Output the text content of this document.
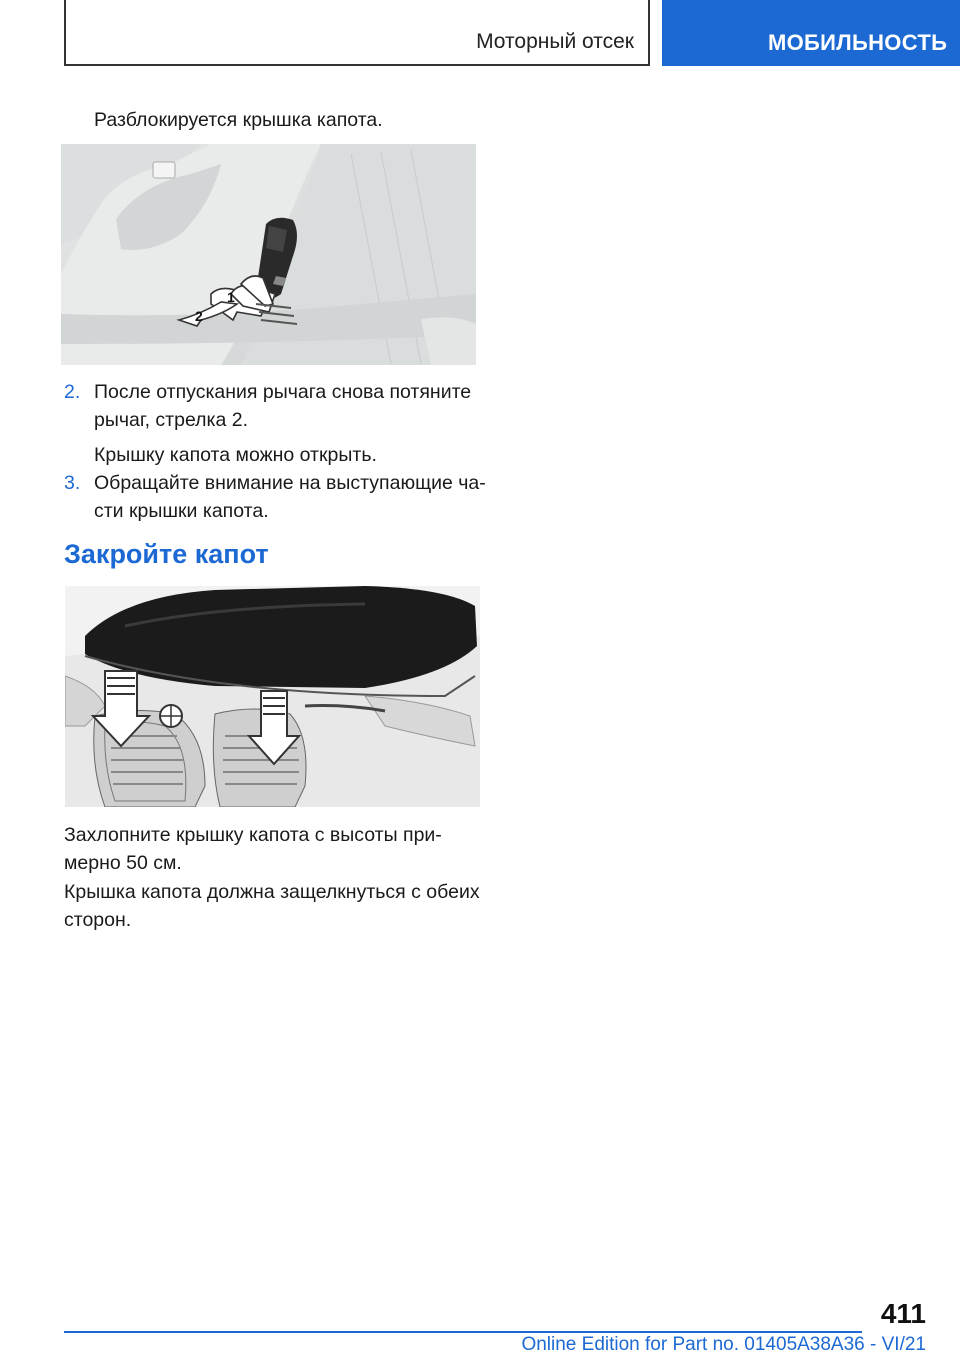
Моторный отсек	МОБИЛЬНОСТЬ
Разблокируется крышка капота.
2
1
2. После отпускания рычага снова потяните
рычаг, стрелка 2.
Крышку капота можно открыть.
3. Обращайте внимание на выступающие ча-
сти крышки капота.
Закройте капот
Захлопните крышку капота с высоты при-
мерно 50 см.
Крышка капота должна защелкнуться с обеих
сторон.
411
Online Edition for Part no. 01405A38A36 - VI/21
